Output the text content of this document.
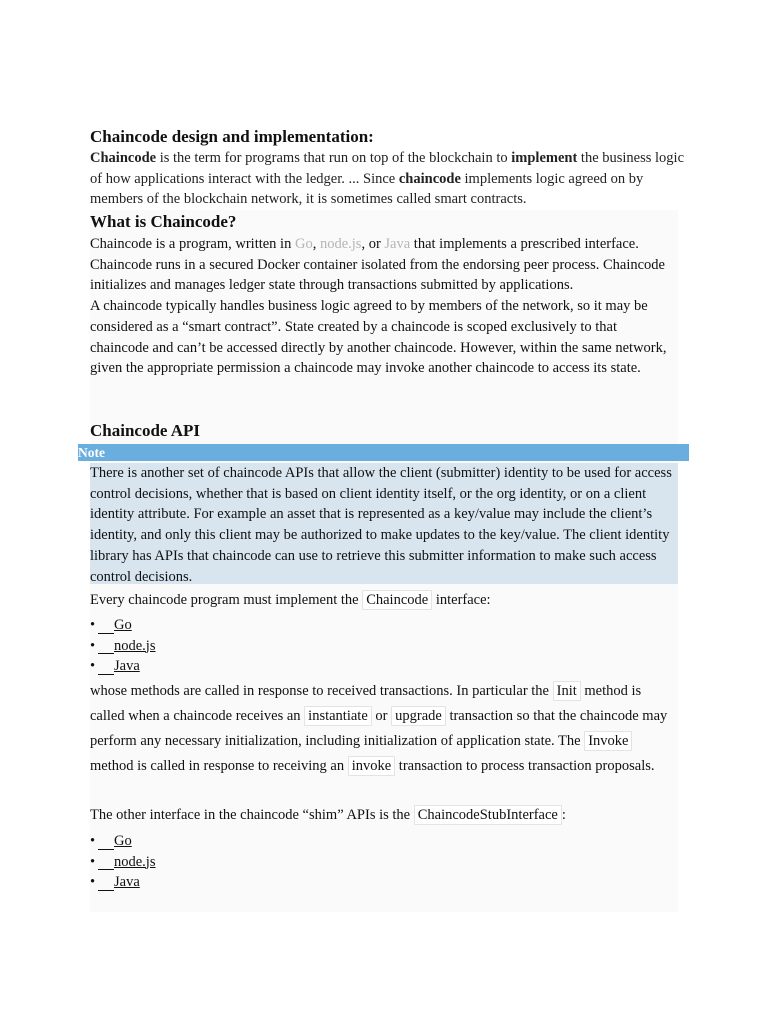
Chaincode design and implementation:

Chaincode is the term for programs that run on top of the blockchain to implement the business logic of how applications interact with the ledger. ... Since chaincode implements logic agreed on by members of the blockchain network, it is sometimes called smart contracts.

What is Chaincode?

Chaincode is a program, written in Go, node.js, or Java that implements a prescribed interface. Chaincode runs in a secured Docker container isolated from the endorsing peer process. Chaincode initializes and manages ledger state through transactions submitted by applications.

A chaincode typically handles business logic agreed to by members of the network, so it may be considered as a “smart contract”. State created by a chaincode is scoped exclusively to that chaincode and can’t be accessed directly by another chaincode. However, within the same network, given the appropriate permission a chaincode may invoke another chaincode to access its state.

Chaincode API
Note

There is another set of chaincode APIs that allow the client (submitter) identity to be used for access control decisions, whether that is based on client identity itself, or the org identity, or on a client identity attribute. For example an asset that is represented as a key/value may include the client’s identity, and only this client may be authorized to make updates to the key/value. The client identity library has APIs that chaincode can use to retrieve this submitter information to make such access control decisions.

Every chaincode program must implement the Chaincode interface:

•	Go
•	node.js
•	Java

whose methods are called in response to received transactions. In particular the Init method is called when a chaincode receives an instantiate or upgrade transaction so that the chaincode may perform any necessary initialization, including initialization of application state. The Invoke method is called in response to receiving an invoke transaction to process transaction proposals.

The other interface in the chaincode “shim” APIs is the ChaincodeStubInterface :

•	Go
•	node.js
•	Java
